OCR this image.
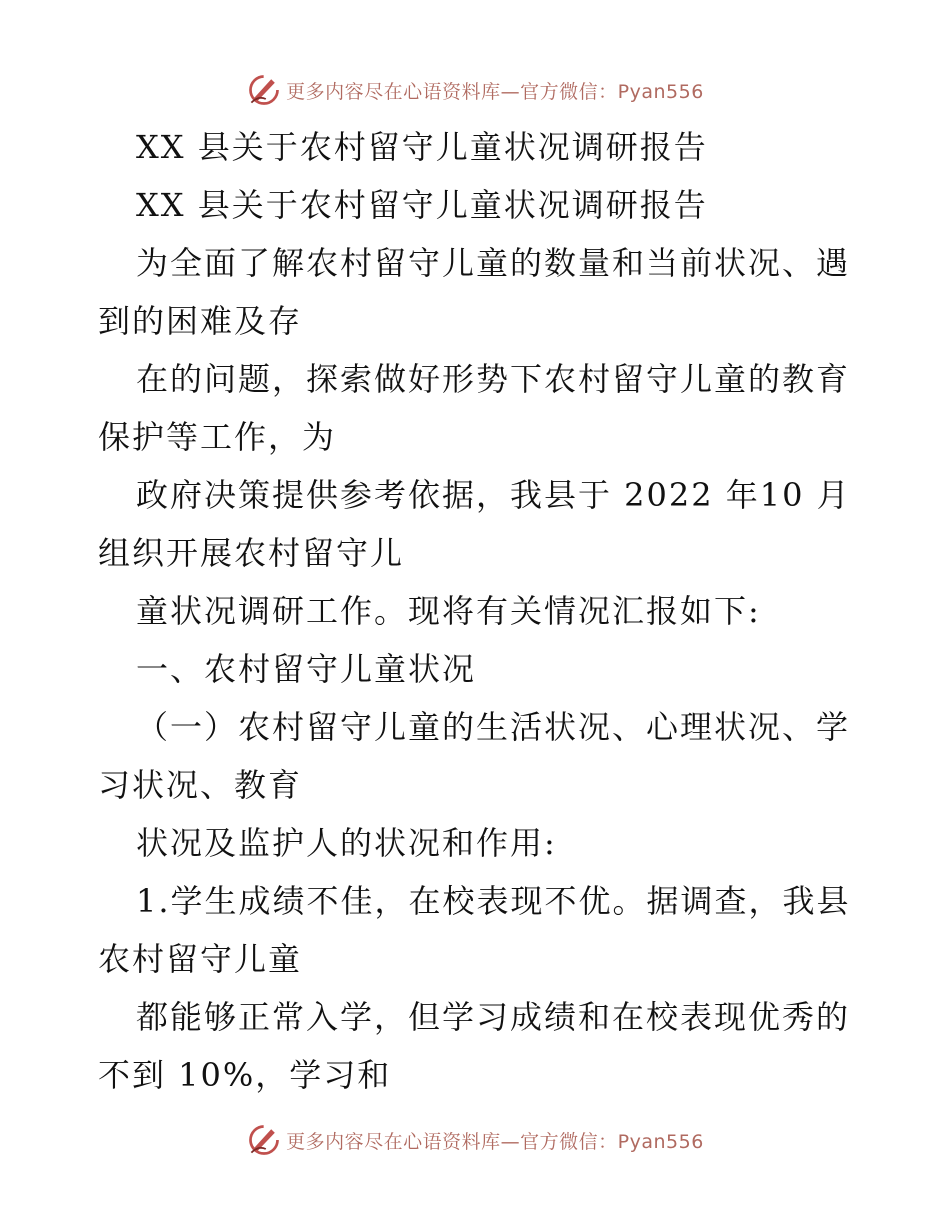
更多内容尽在心语资料库—官方微信：Pyan556
XX 县关于农村留守儿童状况调研报告
XX 县关于农村留守儿童状况调研报告
为全面了解农村留守儿童的数量和当前状况、遇
到的困难及存
在的问题，探索做好形势下农村留守儿童的教育
保护等工作，为
政府决策提供参考依据，我县于 2022 年10 月
组织开展农村留守儿
童状况调研工作。现将有关情况汇报如下:
一、农村留守儿童状况
（一）农村留守儿童的生活状况、心理状况、学
习状况、教育
状况及监护人的状况和作用:
1.学生成绩不佳，在校表现不优。据调查，我县
农村留守儿童
都能够正常入学，但学习成绩和在校表现优秀的
不到 10%，学习和
更多内容尽在心语资料库—官方微信：Pyan556
